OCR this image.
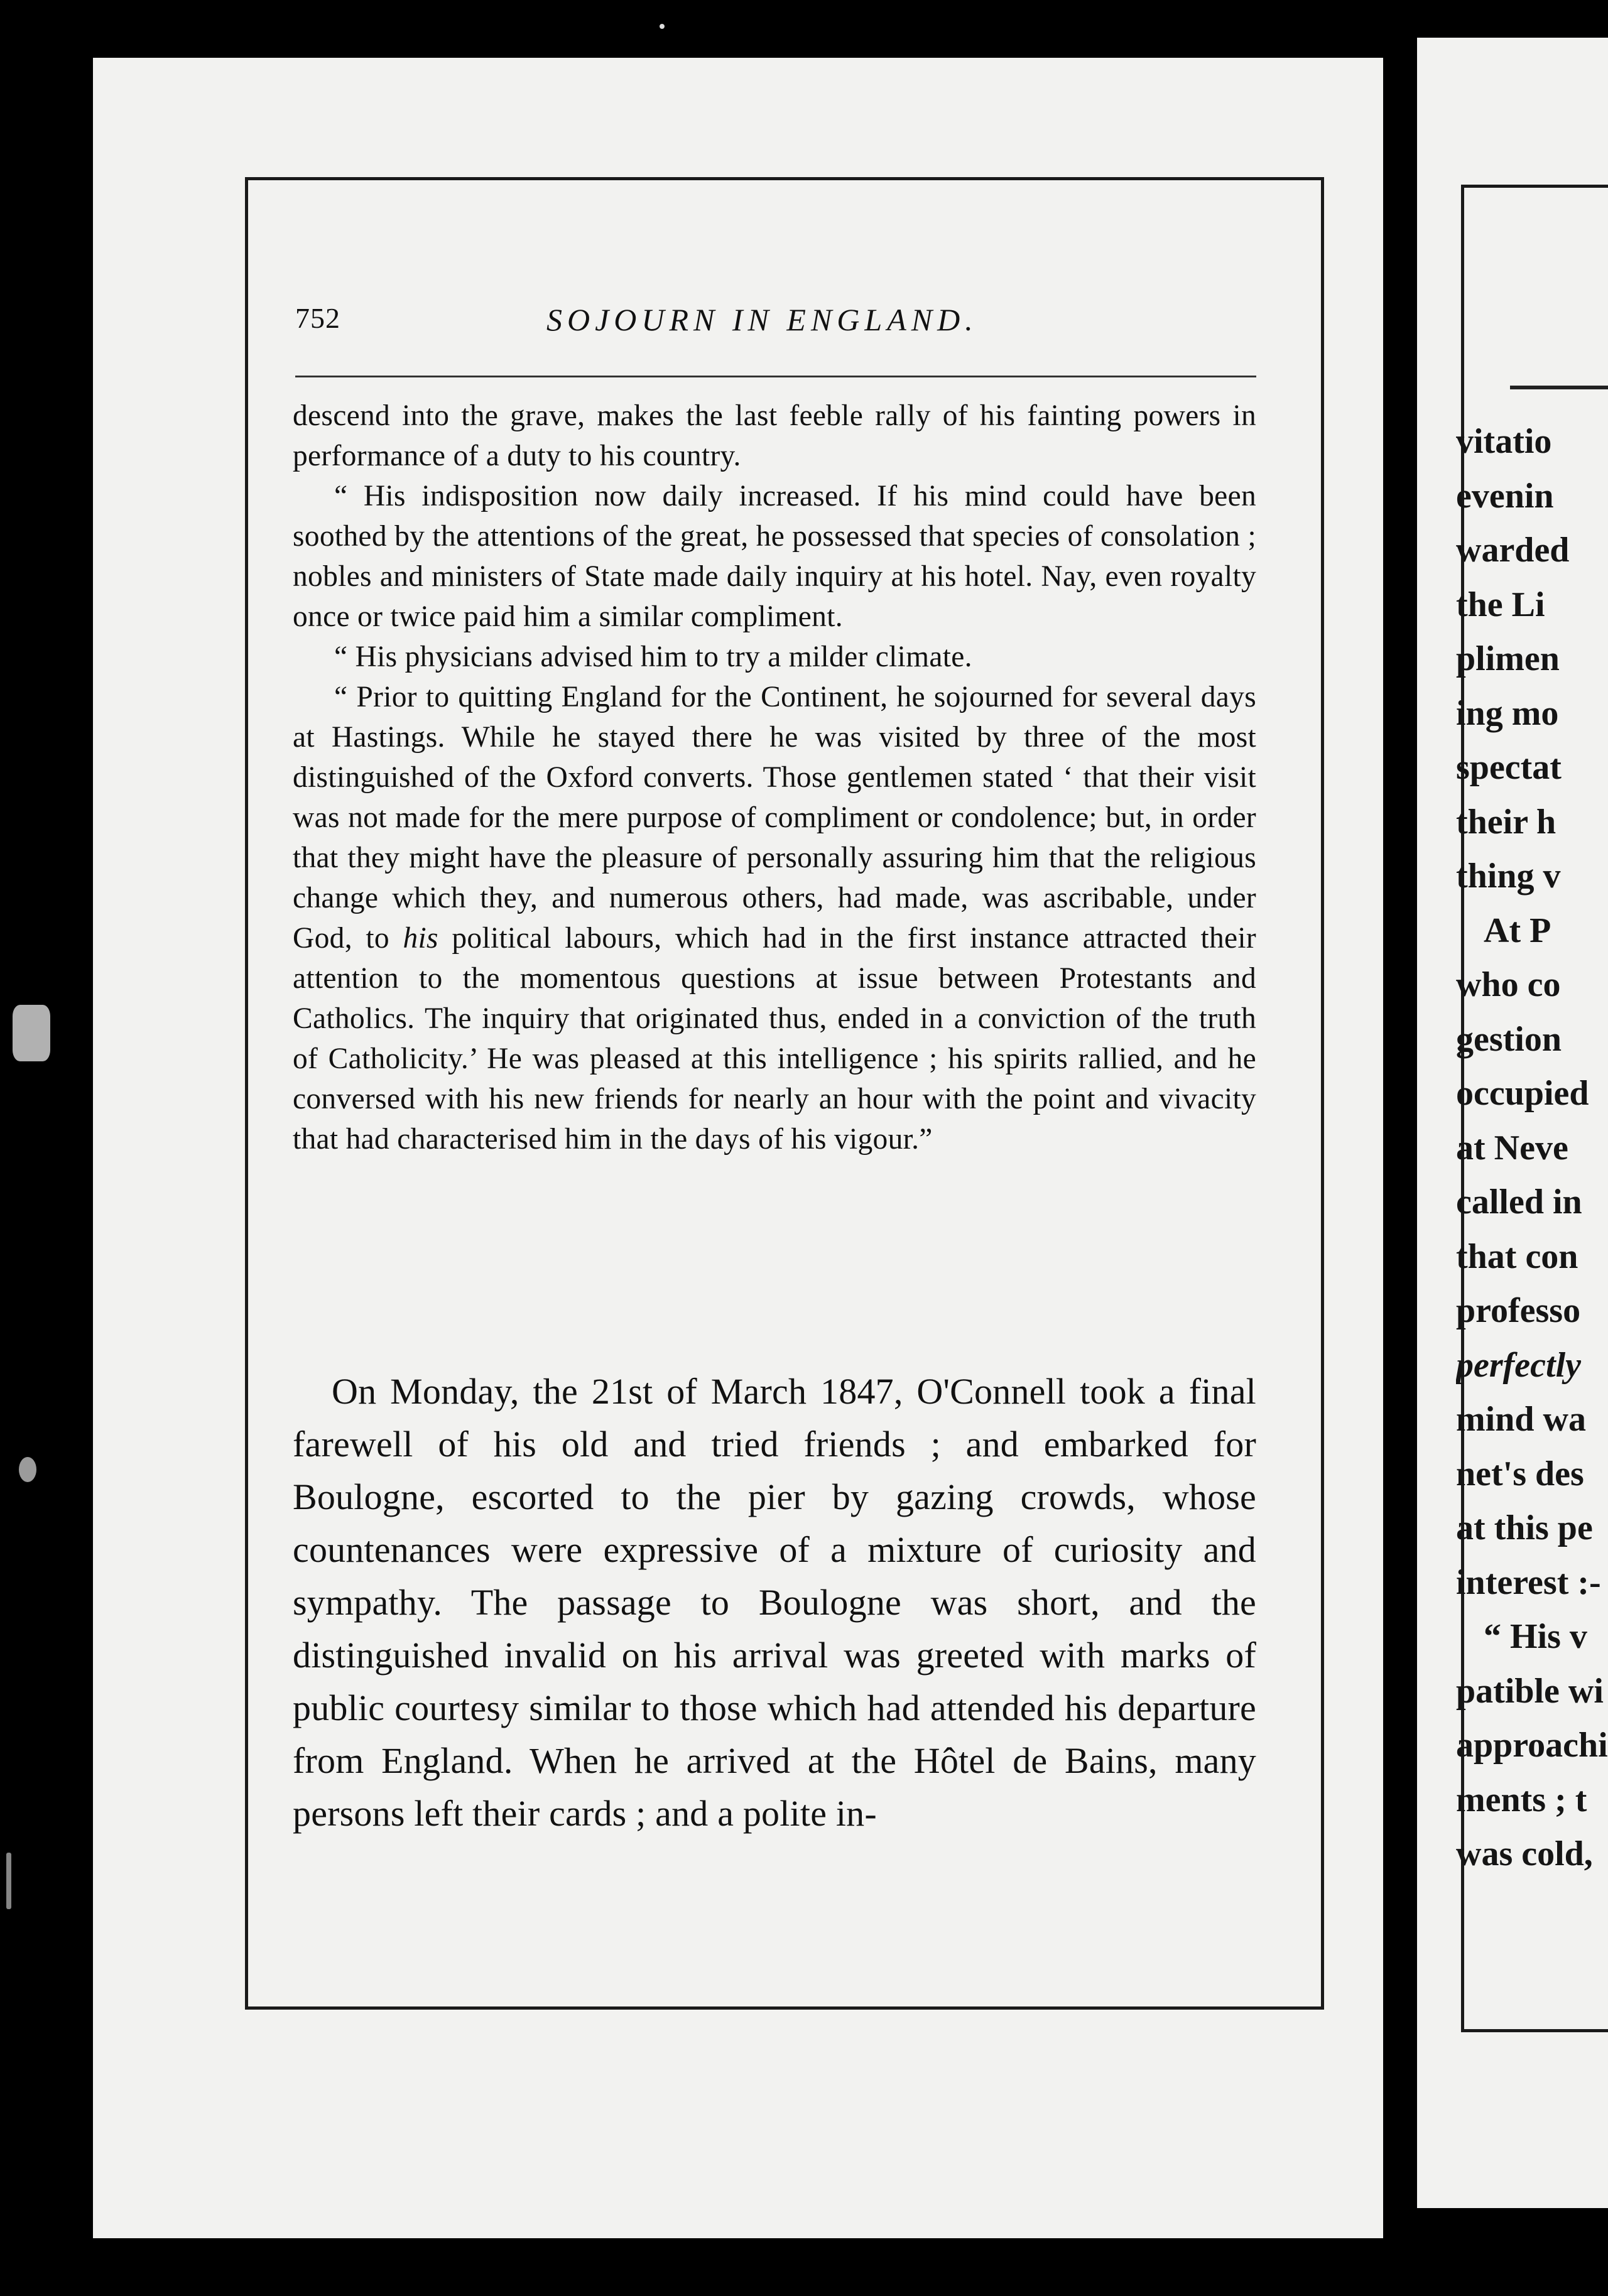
752	SOJOURN IN ENGLAND.

descend into the grave, makes the last feeble rally of his fainting powers in performance of a duty to his country.

“ His indisposition now daily increased. If his mind could have been soothed by the attentions of the great, he possessed that species of consolation ; nobles and ministers of State made daily inquiry at his hotel. Nay, even royalty once or twice paid him a similar compliment.

“ His physicians advised him to try a milder climate.

“ Prior to quitting England for the Continent, he sojourned for several days at Hastings. While he stayed there he was visited by three of the most distinguished of the Oxford converts. Those gentlemen stated ‘ that their visit was not made for the mere purpose of compliment or condolence; but, in order that they might have the pleasure of personally assuring him that the religious change which they, and numerous others, had made, was ascribable, under God, to his political labours, which had in the first instance attracted their attention to the momentous questions at issue between Protestants and Catholics. The inquiry that originated thus, ended in a conviction of the truth of Catholicity.’ He was pleased at this intelligence ; his spirits rallied, and he conversed with his new friends for nearly an hour with the point and vivacity that had characterised him in the days of his vigour.”

On Monday, the 21st of March 1847, O'Connell took a final farewell of his old and tried friends ; and embarked for Boulogne, escorted to the pier by gazing crowds, whose countenances were expressive of a mixture of curiosity and sympathy. The passage to Boulogne was short, and the distinguished invalid on his arrival was greeted with marks of public courtesy similar to those which had attended his departure from England. When he arrived at the Hôtel de Bains, many persons left their cards ; and a polite in-

vitatio
evenin
warded
the Li
plimen
ing mo
spectat
their h
thing v
At P
who co
gestion
occupied
at Neve
called in
that con
professo
perfectly
mind wa
net's des
at this pe
interest :-
“ His v
patible wi
approachi
ments ; t
was cold,
